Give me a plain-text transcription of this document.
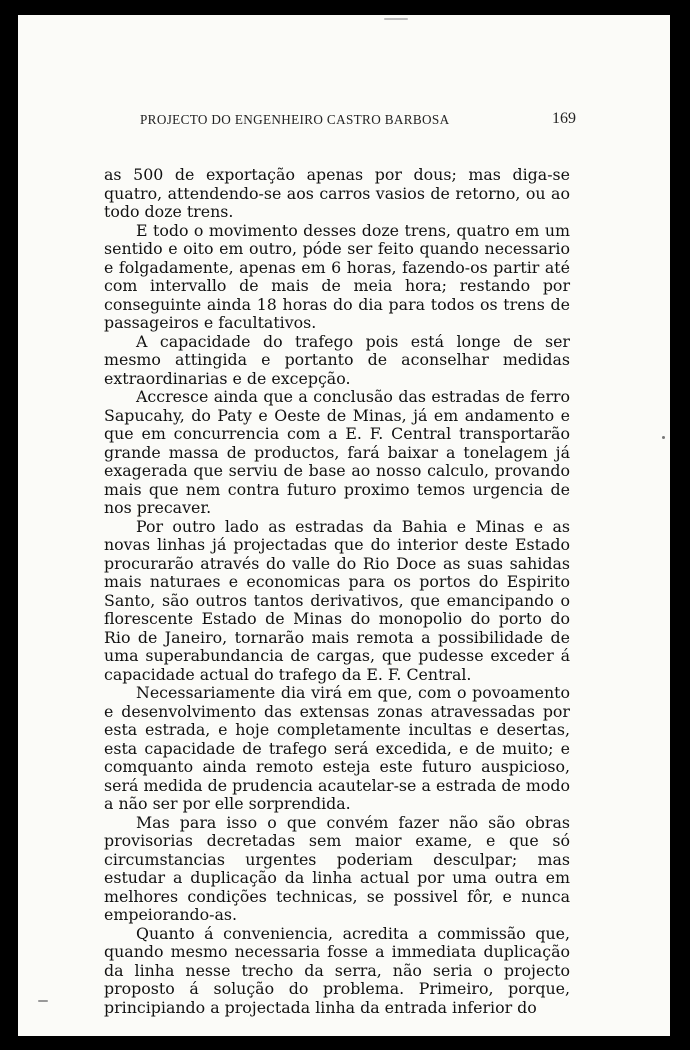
PROJECTO DO ENGENHEIRO CASTRO BARBOSA	169

as 500 de exportação apenas por dous; mas diga-se quatro, attendendo-se aos carros vasios de retorno, ou ao todo doze trens.

E todo o movimento desses doze trens, quatro em um sentido e oito em outro, póde ser feito quando necessario e folgadamente, apenas em 6 horas, fazendo-os partir até com intervallo de mais de meia hora; restando por conseguinte ainda 18 horas do dia para todos os trens de passageiros e facultativos.

A capacidade do trafego pois está longe de ser mesmo attingida e portanto de aconselhar medidas extraordinarias e de excepção.

Accresce ainda que a conclusão das estradas de ferro Sapucahy, do Paty e Oeste de Minas, já em andamento e que em concurrencia com a E. F. Central transportarão grande massa de productos, fará baixar a tonelagem já exagerada que serviu de base ao nosso calculo, provando mais que nem contra futuro proximo temos urgencia de nos precaver.

Por outro lado as estradas da Bahia e Minas e as novas linhas já projectadas que do interior deste Estado procurarão através do valle do Rio Doce as suas sahidas mais naturaes e economicas para os portos do Espirito Santo, são outros tantos derivativos, que emancipando o florescente Estado de Minas do monopolio do porto do Rio de Janeiro, tornarão mais remota a possibilidade de uma superabundancia de cargas, que pudesse exceder á capacidade actual do trafego da E. F. Central.

Necessariamente dia virá em que, com o povoamento e desenvolvimento das extensas zonas atravessadas por esta estrada, e hoje completamente incultas e desertas, esta capacidade de trafego será excedida, e de muito; e comquanto ainda remoto esteja este futuro auspicioso, será medida de prudencia acautelar-se a estrada de modo a não ser por elle sorprendida.

Mas para isso o que convém fazer não são obras provisorias decretadas sem maior exame, e que só circumstancias urgentes poderiam desculpar; mas estudar a duplicação da linha actual por uma outra em melhores condições technicas, se possivel fôr, e nunca empeiorando-as.

Quanto á conveniencia, acredita a commissão que, quando mesmo necessaria fosse a immediata duplicação da linha nesse trecho da serra, não seria o projecto proposto á solução do problema. Primeiro, porque, principiando a projectada linha da entrada inferior do
